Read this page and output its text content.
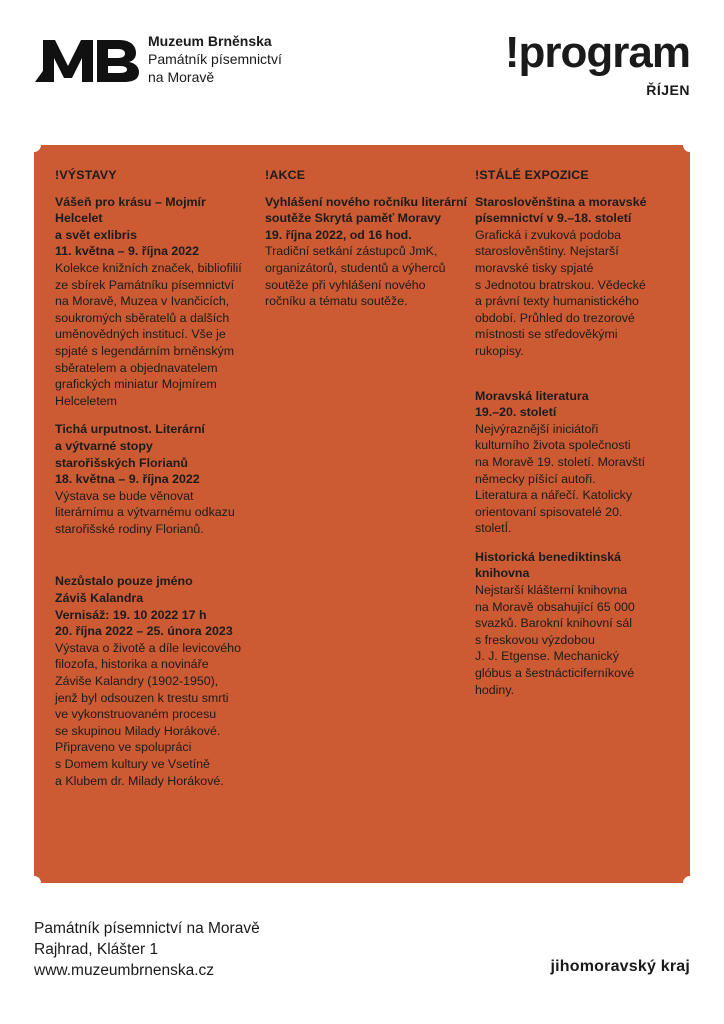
Muzeum Brněnska
Památník písemnictví
na Moravě	!program
ŘÍJEN
!VÝSTAVY
Vášeň pro krásu – Mojmír Helcelet
a svět exlibris
11. května – 9. října 2022
Kolekce knižních značek, bibliofilií
ze sbírek Památníku písemnictví
na Moravě, Muzea v Ivančicích,
soukromých sběratelů a dalších
uměnovědných institucí. Vše je
spjaté s legendárním brněnským
sběratelem a objednavatelem
grafických miniatur Mojmírem
Helceletem
Tichá urputnost. Literární
a výtvarné stopy
starořišských Florianů
18. května – 9. října 2022
Výstava se bude věnovat
literárnímu a výtvarnému odkazu
starořišské rodiny Florianů.
Nezůstalo pouze jméno
Záviš Kalandra
Vernisáž: 19. 10 2022 17 h
20. října 2022 – 25. února 2023
Výstava o životě a díle levicového
filozofa, historika a novináře
Záviše Kalandry (1902-1950),
jenž byl odsouzen k trestu smrti
ve vykonstruovaném procesu
se skupinou Milady Horákové.
Připraveno ve spolupráci
s Domem kultury ve Vsetíně
a Klubem dr. Milady Horákové.
!AKCE
Vyhlášení nového ročníku literární
soutěže Skrytá paměť Moravy
19. října 2022, od 16 hod.
Tradiční setkání zástupců JmK,
organizátorů, studentů a výherců
soutěže při vyhlášení nového
ročníku a tématu soutěže.
!STÁLÉ EXPOZICE
Staroslověnština a moravské
písemnictví v 9.–18. století
Grafická i zvuková podoba
staroslověnštiny. Nejstarší
moravské tisky spjaté
s Jednotou bratrskou. Vědecké
a právní texty humanistického
období. Průhled do trezorové
místnosti se středověkými
rukopisy.
Moravská literatura
19.–20. století
Nejvýraznější iniciátoři
kulturního života společnosti
na Moravě 19. století. Moravští
německy píšící autoři.
Literatura a nářečí. Katolicky
orientovaní spisovatelé 20.
stoletÍ.
Historická benediktinská
knihovna
Nejstarší klášterní knihovna
na Moravě obsahující 65 000
svazků. Barokní knihovní sál
s freskovou výzdobou
J. J. Etgense. Mechanický
glóbus a šestnácticiferníkové
hodiny.
Památník písemnictví na Moravě
Rajhrad, Klášter 1
www.muzeumbrnenska.cz	jihomoravský kraj
